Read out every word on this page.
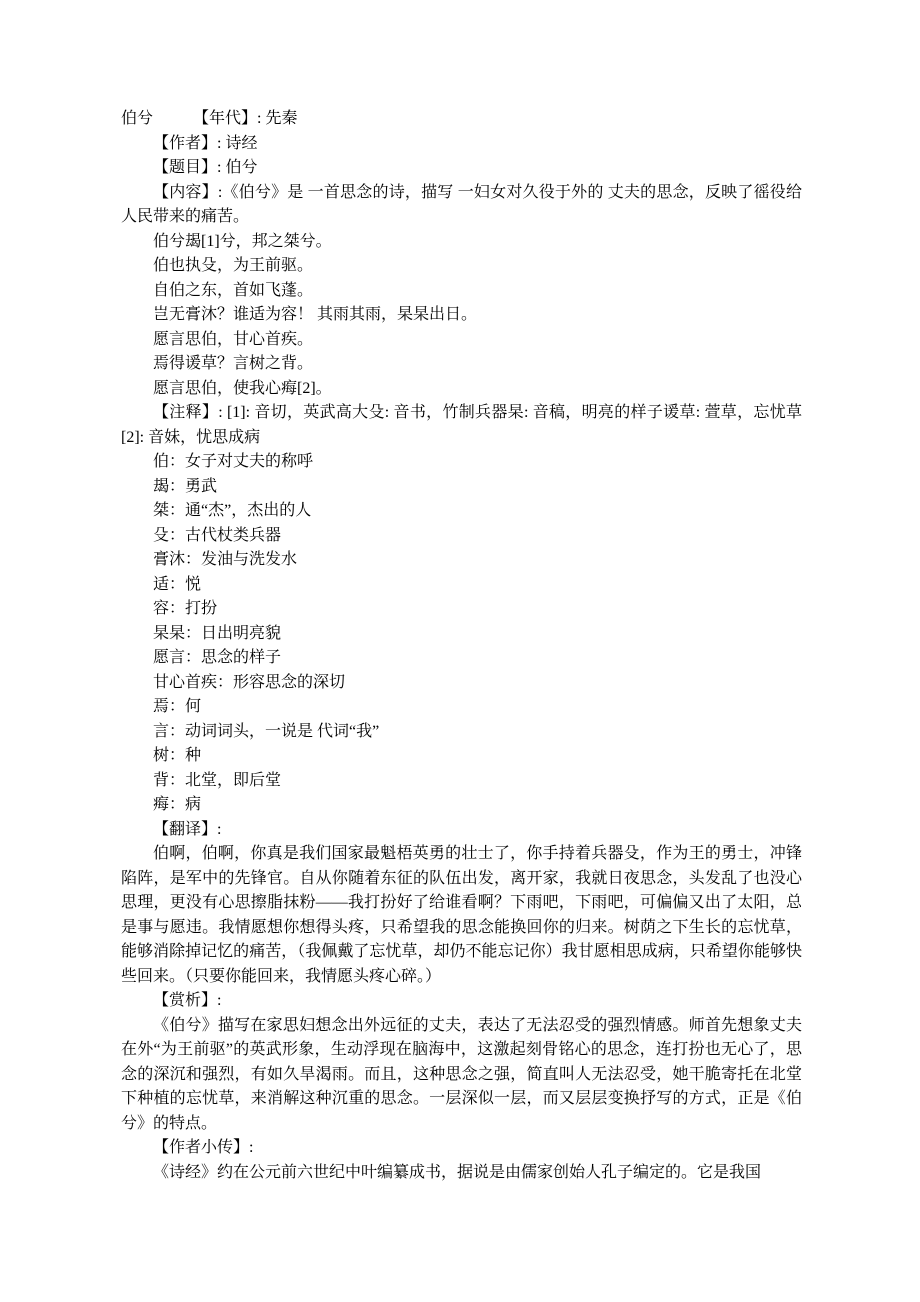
伯兮　　　【年代】: 先秦

【作者】: 诗经

【题目】: 伯兮

【内容】:《伯兮》是 一首思念的诗，描写 一妇女对久役于外的 丈夫的思念，反映了徭役给人民带来的痛苦。

伯兮朅[1]兮，邦之桀兮。

伯也执殳，为王前驱。

自伯之东，首如飞蓬。

岂无膏沐？谁适为容！ 其雨其雨，杲杲出日。

愿言思伯，甘心首疾。

焉得谖草？言树之背。

愿言思伯，使我心痗[2]。

【注释】: [1]: 音切，英武高大殳: 音书，竹制兵器杲: 音稿，明亮的样子谖草: 萱草，忘忧草 [2]: 音妹，忧思成病

伯：女子对丈夫的称呼

朅：勇武

桀：通“杰”，杰出的人

殳：古代杖类兵器

膏沐：发油与洗发水

适：悦

容：打扮

杲杲：日出明亮貌

愿言：思念的样子

甘心首疾：形容思念的深切

焉：何

言：动词词头，一说是 代词“我”

树：种

背：北堂，即后堂

痗：病

【翻译】:

伯啊，伯啊，你真是我们国家最魁梧英勇的壮士了，你手持着兵器殳，作为王的勇士，冲锋陷阵，是军中的先锋官。自从你随着东征的队伍出发，离开家，我就日夜思念，头发乱了也没心思理，更没有心思擦脂抹粉——我打扮好了给谁看啊？下雨吧，下雨吧，可偏偏又出了太阳，总是事与愿违。我情愿想你想得头疼，只希望我的思念能换回你的归来。树荫之下生长的忘忧草，能够消除掉记忆的痛苦，（我佩戴了忘忧草，却仍不能忘记你）我甘愿相思成病，只希望你能够快些回来。（只要你能回来，我情愿头疼心碎。）

【赏析】:

《伯兮》描写在家思妇想念出外远征的丈夫，表达了无法忍受的强烈情感。师首先想象丈夫在外“为王前驱”的英武形象，生动浮现在脑海中，这激起刻骨铭心的思念，连打扮也无心了，思念的深沉和强烈，有如久旱渴雨。而且，这种思念之强，简直叫人无法忍受，她干脆寄托在北堂下种植的忘忧草，来消解这种沉重的思念。一层深似一层，而又层层变换抒写的方式，正是《伯兮》的特点。

【作者小传】:

《诗经》约在公元前六世纪中叶编纂成书，据说是由儒家创始人孔子编定的。它是我国
